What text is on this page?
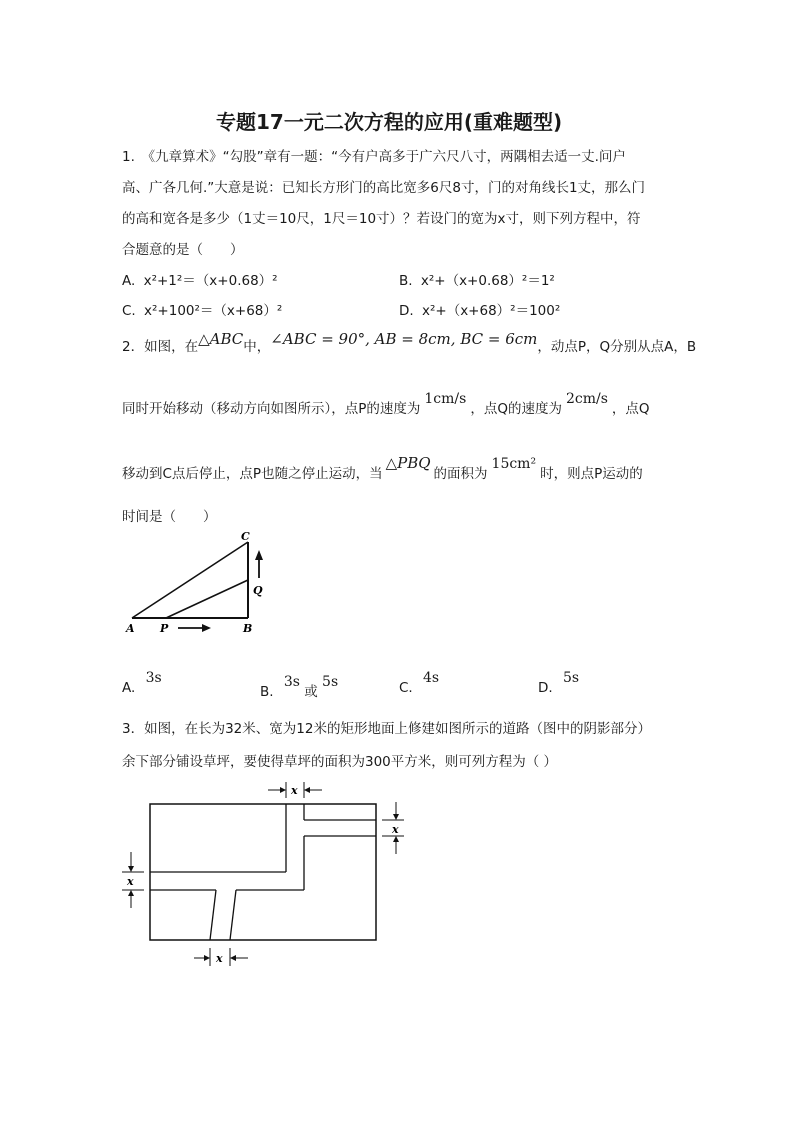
专题17一元二次方程的应用(重难题型)
1.　《九章算术》“勾股”章有一题：“今有户高多于广六尺八寸，两隅相去适一丈.问户
高、广各几何.”大意是说：已知长方形门的高比宽多6尺8寸，门的对角线长1丈，那么门
的高和宽各是多少（1丈＝10尺，1尺＝10寸）？若设门的宽为x寸，则下列方程中，符
合题意的是（　　）
A. x²+1²＝（x+0.68）²	B. x²+（x+0.68）²＝1²
C. x²+100²＝（x+68）²	D. x²+（x+68）²＝100²
2．如图，在△ABC中，∠ABC = 90°, AB = 8cm, BC = 6cm，动点P，Q分别从点A，B
同时开始移动（移动方向如图所示），点P的速度为1cm/s，点Q的速度为2cm/s，点Q
移动到C点后停止，点P也随之停止运动，当△PBQ的面积为15cm²时，则点P运动的
时间是（　　）
C
Q
A P	B
A. 3s
B. 3s 或 5s	C. 4s
D. 5s
3．如图，在长为32米、宽为12米的矩形地面上修建如图所示的道路（图中的阴影部分）
余下部分铺设草坪，要使得草坪的面积为300平方米，则可列方程为（ ）
x
x
x
x
